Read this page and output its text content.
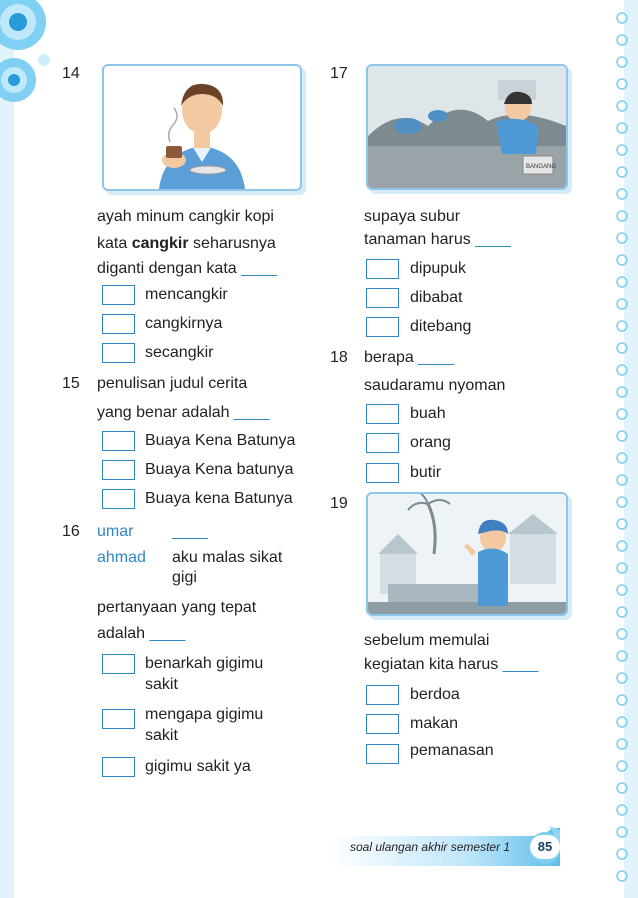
14
ayah minum cangkir kopi
kata cangkir seharusnya
diganti dengan kata ____
mencangkir
cangkirnya
secangkir
15 penulisan judul cerita
yang benar adalah ____
Buaya Kena Batunya
Buaya Kena batunya
Buaya kena Batunya
16 umar ____
ahmad aku malas sikat
gigi
pertanyaan yang tepat
adalah ____
benarkah gigimu
sakit
mengapa gigimu
sakit
gigimu sakit ya
17
BANGANG
supaya subur
tanaman harus ____
dipupuk
dibabat
ditebang
18 berapa ____
saudaramu nyoman
buah
orang
butir
19
sebelum memulai
kegiatan kita harus ____
berdoa
makan
pemanasan
soal ulangan akhir semester 1	85
